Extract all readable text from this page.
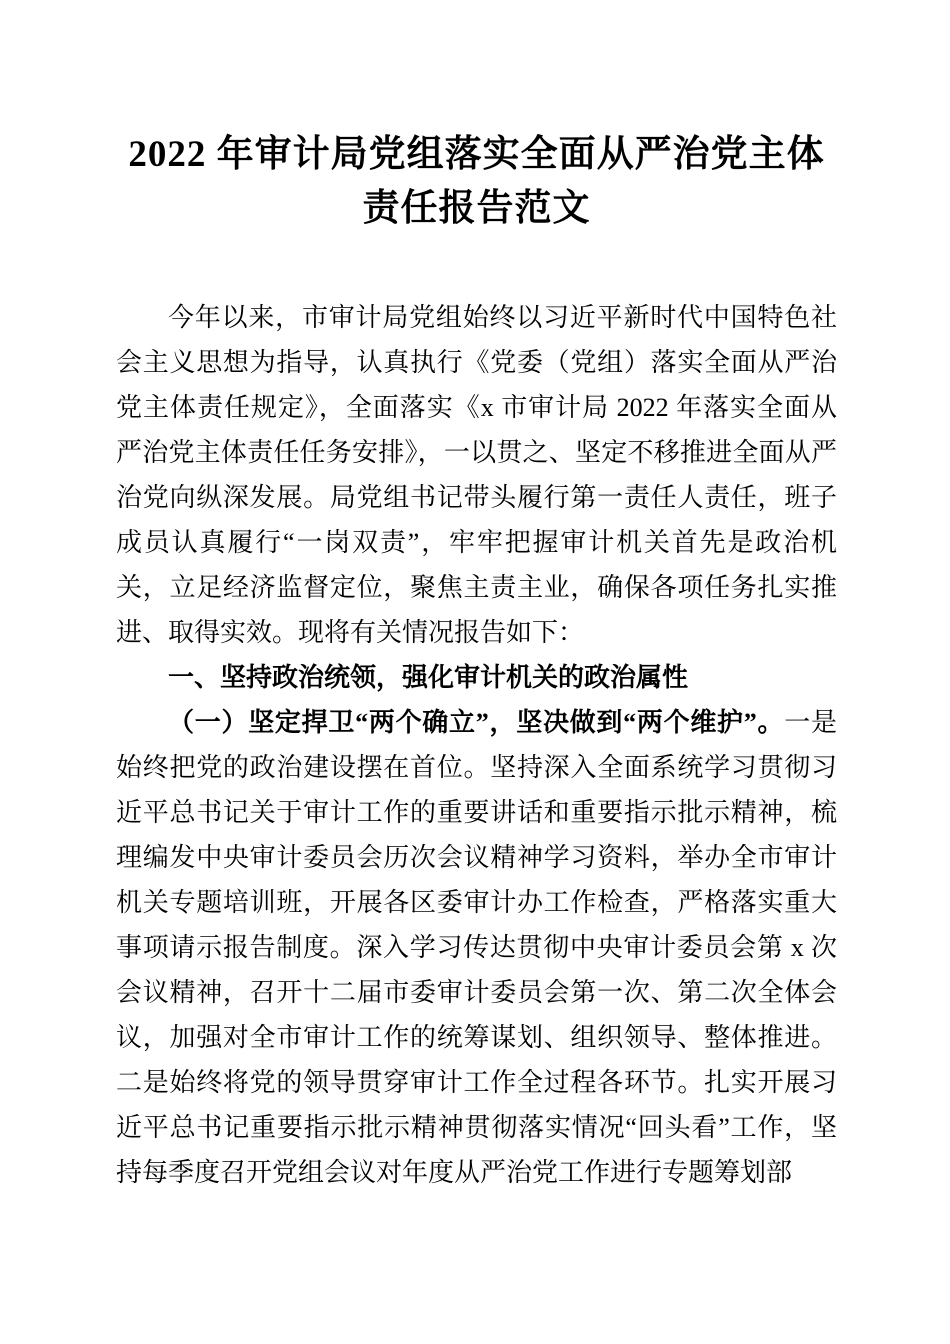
2022 年审计局党组落实全面从严治党主体责任报告范文

今年以来，市审计局党组始终以习近平新时代中国特色社会主义思想为指导，认真执行《党委（党组）落实全面从严治党主体责任规定》，全面落实《x 市审计局 2022 年落实全面从严治党主体责任任务安排》，一以贯之、坚定不移推进全面从严治党向纵深发展。局党组书记带头履行第一责任人责任，班子成员认真履行“一岗双责”，牢牢把握审计机关首先是政治机关，立足经济监督定位，聚焦主责主业，确保各项任务扎实推进、取得实效。现将有关情况报告如下：

一、坚持政治统领，强化审计机关的政治属性

（一）坚定捍卫“两个确立”，坚决做到“两个维护”。一是始终把党的政治建设摆在首位。坚持深入全面系统学习贯彻习近平总书记关于审计工作的重要讲话和重要指示批示精神，梳理编发中央审计委员会历次会议精神学习资料，举办全市审计机关专题培训班，开展各区委审计办工作检查，严格落实重大事项请示报告制度。深入学习传达贯彻中央审计委员会第 x 次会议精神，召开十二届市委审计委员会第一次、第二次全体会议，加强对全市审计工作的统筹谋划、组织领导、整体推进。二是始终将党的领导贯穿审计工作全过程各环节。扎实开展习近平总书记重要指示批示精神贯彻落实情况“回头看”工作，坚持每季度召开党组会议对年度从严治党工作进行专题筹划部
